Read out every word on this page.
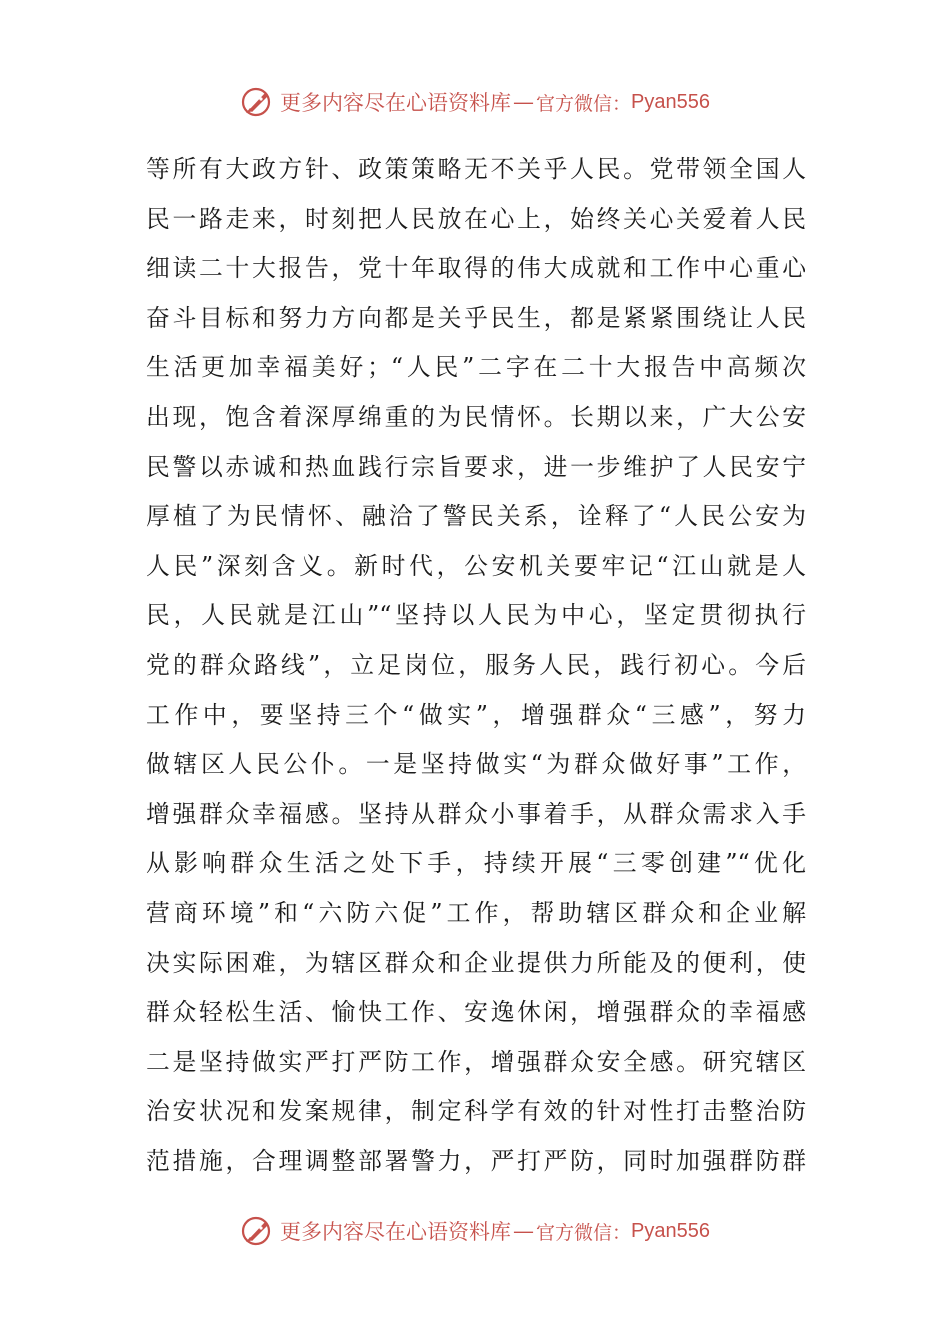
更多内容尽在心语资料库 — 官方微信： Pyan556
等所有大政方针、政策策略无不关乎人民。党带领全国人
民一路走来，时刻把人民放在心上，始终关心关爱着人民
细读二十大报告，党十年取得的伟大成就和工作中心重心
奋斗目标和努力方向都是关乎民生，都是紧紧围绕让人民
生活更加幸福美好；“人民”二字在二十大报告中高频次
出现，饱含着深厚绵重的为民情怀。长期以来，广大公安
民警以赤诚和热血践行宗旨要求，进一步维护了人民安宁
厚植了为民情怀、融洽了警民关系，诠释了“人民公安为
人民”深刻含义。新时代，公安机关要牢记“江山就是人
民，人民就是江山”“坚持以人民为中心，坚定贯彻执行
党的群众路线”，立足岗位，服务人民，践行初心。今后
工作中，要坚持三个“做实”，增强群众“三感”，努力
做辖区人民公仆。一是坚持做实“为群众做好事”工作，
增强群众幸福感。坚持从群众小事着手，从群众需求入手
从影响群众生活之处下手，持续开展“三零创建”“优化
营商环境”和“六防六促”工作，帮助辖区群众和企业解
决实际困难，为辖区群众和企业提供力所能及的便利，使
群众轻松生活、愉快工作、安逸休闲，增强群众的幸福感
二是坚持做实严打严防工作，增强群众安全感。研究辖区
治安状况和发案规律，制定科学有效的针对性打击整治防
范措施，合理调整部署警力，严打严防，同时加强群防群
更多内容尽在心语资料库 — 官方微信： Pyan556
